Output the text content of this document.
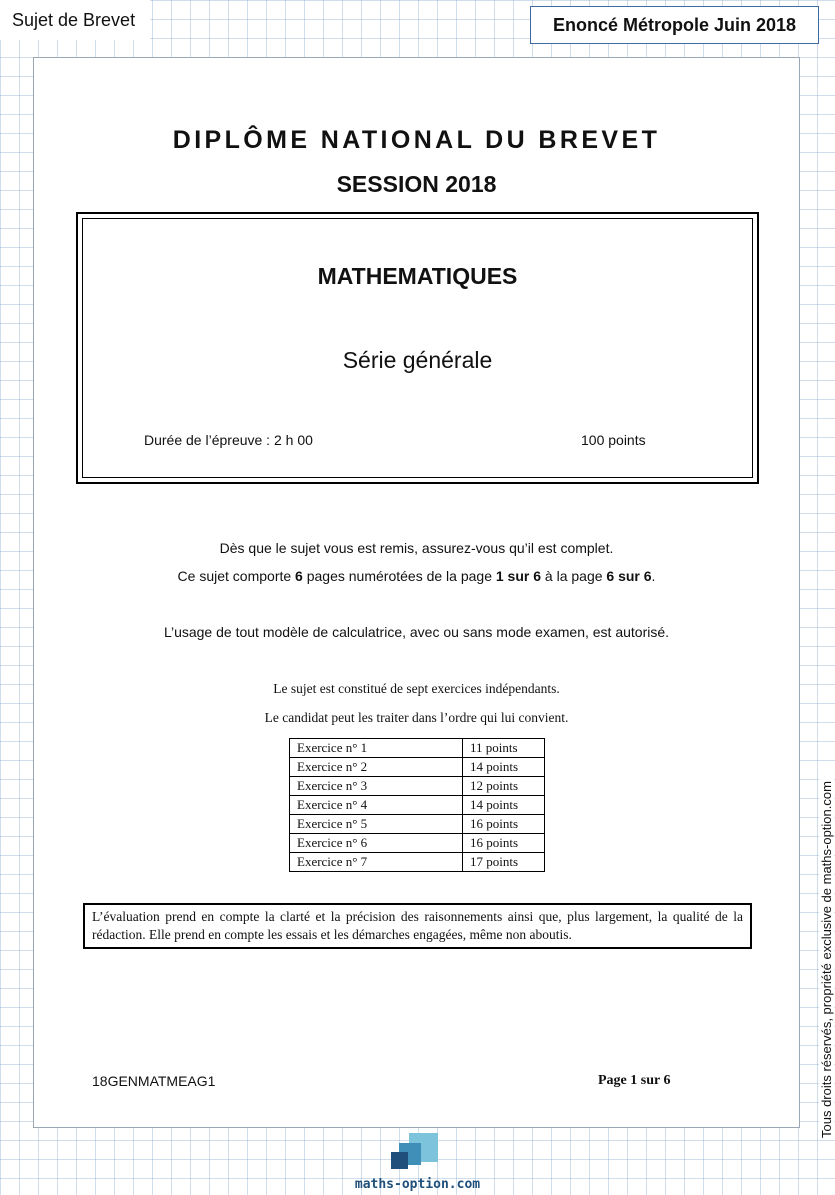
Sujet de Brevet	Enoncé Métropole Juin 2018
DIPLÔME NATIONAL DU BREVET
SESSION 2018
MATHEMATIQUES
Série générale
Durée de l’épreuve : 2 h 00	100 points
Dès que le sujet vous est remis, assurez-vous qu’il est complet.
Ce sujet comporte 6 pages numérotées de la page 1 sur 6 à la page 6 sur 6.
L’usage de tout modèle de calculatrice, avec ou sans mode examen, est autorisé.
Le sujet est constitué de sept exercices indépendants.
Le candidat peut les traiter dans l’ordre qui lui convient.
Exercice n° 1	11 points
Exercice n° 2	14 points
Exercice n° 3	12 points
Exercice n° 4	14 points
Exercice n° 5	16 points
Exercice n° 6	16 points
Exercice n° 7	17 points
L’évaluation prend en compte la clarté et la précision des raisonnements ainsi que, plus largement, la qualité de la rédaction. Elle prend en compte les essais et les démarches engagées, même non aboutis.
18GENMATMEAG1	Page 1 sur 6	Tous droits réservés, propriété exclusive de maths-option.com
maths-option.com
